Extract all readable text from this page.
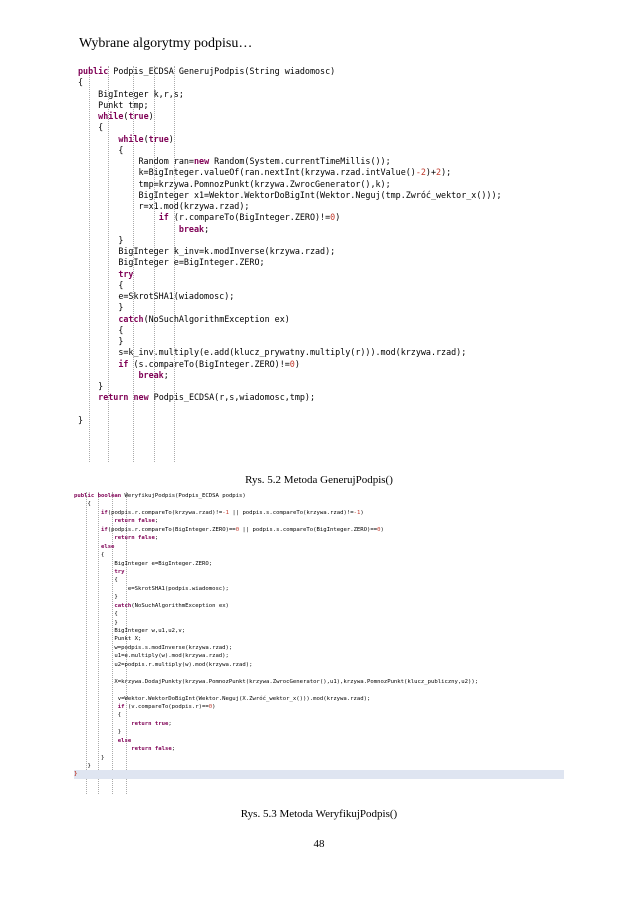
Wybrane algorytmy podpisu…
public Podpis_ECDSA GenerujPodpis(String wiadomosc)
{
BigInteger k,r,s;
Punkt tmp;
while(true)
{
while(true)
{
Random ran=new Random(System.currentTimeMillis());
k=BigInteger.valueOf(ran.nextInt(krzywa.rzad.intValue()-2)+2);
tmp=krzywa.PomnozPunkt(krzywa.ZwrocGenerator(),k);
BigInteger x1=Wektor.WektorDoBigInt(Wektor.Neguj(tmp.Zwróć_wektor_x()));
r=x1.mod(krzywa.rzad);
if (r.compareTo(BigInteger.ZERO)!=0)
break;
}
BigInteger k_inv=k.modInverse(krzywa.rzad);
BigInteger e=BigInteger.ZERO;
try
{
e=SkrotSHA1(wiadomosc);
}
catch(NoSuchAlgorithmException ex)
{
}
s=k_inv.multiply(e.add(klucz_prywatny.multiply(r))).mod(krzywa.rzad);
if (s.compareTo(BigInteger.ZERO)!=0)
break;
}
return new Podpis_ECDSA(r,s,wiadomosc,tmp);
}
Rys. 5.2 Metoda GenerujPodpis()
public boolean WeryfikujPodpis(Podpis_ECDSA podpis)
{
if(podpis.r.compareTo(krzywa.rzad)!=-1 || podpis.s.compareTo(krzywa.rzad)!=-1)
return false;
if(podpis.r.compareTo(BigInteger.ZERO)==0 || podpis.s.compareTo(BigInteger.ZERO)==0)
return false;
else
{
BigInteger e=BigInteger.ZERO;
try
{
e=SkrotSHA1(podpis.wiadomosc);
}
catch(NoSuchAlgorithmException ex)
{
}
BigInteger w,u1,u2,v;
Punkt X;
w=podpis.s.modInverse(krzywa.rzad);
u1=e.multiply(w).mod(krzywa.rzad);
u2=podpis.r.multiply(w).mod(krzywa.rzad);
X=krzywa.DodajPunkty(krzywa.PomnozPunkt(krzywa.ZwrocGenerator(),u1),krzywa.PomnozPunkt(klucz_publiczny,u2));
v=Wektor.WektorDoBigInt(Wektor.Neguj(X.Zwróć_wektor_x())).mod(krzywa.rzad);
if (v.compareTo(podpis.r)==0)
{
return true;
}
else
return false;
}
}
}
Rys. 5.3 Metoda WeryfikujPodpis()
48
